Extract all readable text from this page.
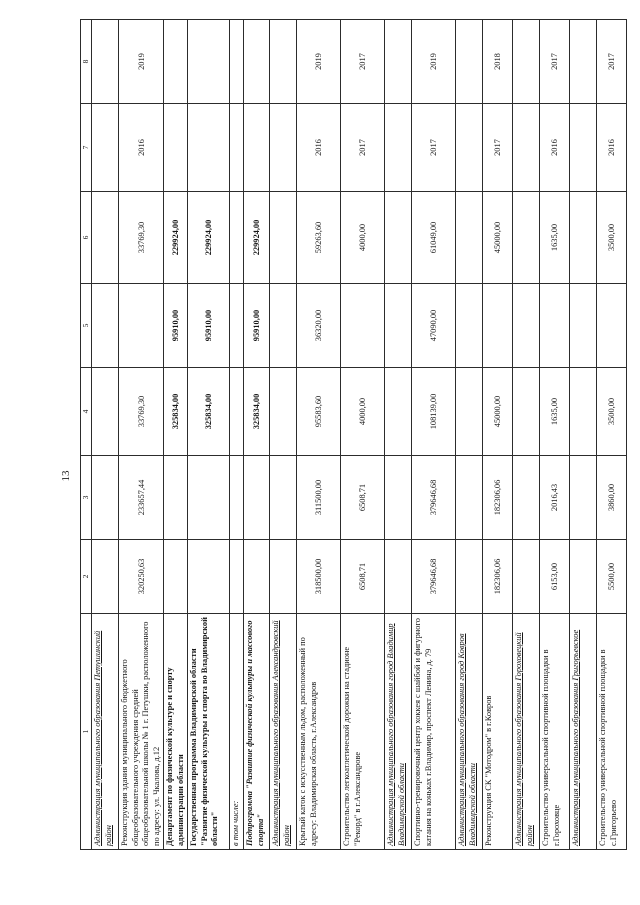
13
1	2	3	4	5	6	7	8
Администрация муниципального образования Петушинский район							
Реконструкция здания муниципального бюджетного общеобразовательного учреждения средней общеобразовательной школы № 1 г. Петушки, расположенного по адресу: ул. Чкалова, д.12	320250,63	233657,44	33769,30		33769,30	2016	2019
Департамент по физической культуре и спорту администрации области			325834,00	95910,00	229924,00		
Государственная программа Владимирской области "Развитие физической культуры и спорта во Владимирской области"			325834,00	95910,00	229924,00		
в том числе:							
Подпрограмма "Развитие физической культуры и массового спорта"			325834,00	95910,00	229924,00		
Администрация муниципального образования Александровский район							
Крытый каток с искусственным льдом, расположенный по адресу: Владимирская область, г.Александров	318500,00	311500,00	95583,60	36320,00	59263,60	2016	2019
Строительство легкоатлетической дорожки на стадионе "Рекорд" в г.Александрове	6508,71	6508,71	4000,00		4000,00	2017	2017
Администрация муниципального образования город Владимир Владимирской области							
Спортивно-тренировочный центр хоккея с шайбой и фигурного катания на коньках г.Владимир, проспект Ленина, д. 79	379646,68	379646,68	108139,00	47090,00	61049,00	2017	2019
Администрация муниципального образования город Ковров Владимирской области							
Реконструкция СК "Мотодром" в г.Ковров	182306,06	182306,06	45000,00		45000,00	2017	2018
Администрация муниципального образования Гороховецкий район							
Строительство универсальной спортивной площадки в г.Гороховце	6153,00	2016,43	1635,00		1635,00	2016	2017
Администрация муниципального образования Григорьевское							
Строительство универсальной спортивной площадки в с.Григорьево	5500,00	3860,00	3500,00		3500,00	2016	2017
